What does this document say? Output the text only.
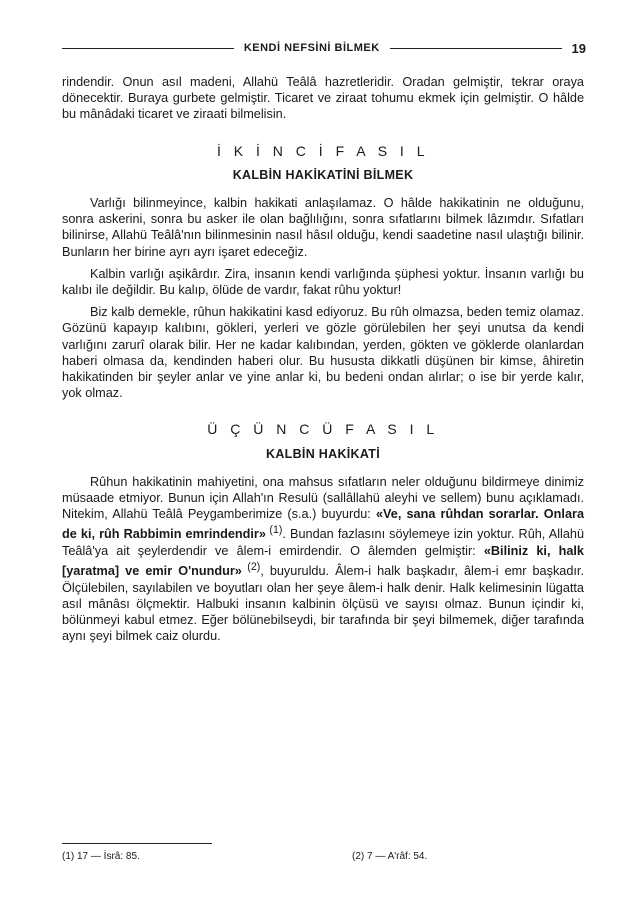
KENDİ NEFSİNİ BİLMEK	19

rindendir. Onun asıl madeni, Allahü Teâlâ hazretleridir. Oradan gelmiştir, tekrar oraya dönecektir. Buraya gurbete gelmiştir. Ticaret ve ziraat tohumu ekmek için gelmiştir. O hâlde bu mânâdaki ticaret ve ziraati bilmelisin.

İ K İ N C İ F A S I L
KALBİN HAKİKATİNİ BİLMEK

Varlığı bilinmeyince, kalbin hakikati anlaşılamaz. O hâlde hakikatinin ne olduğunu, sonra askerini, sonra bu asker ile olan bağlılığını, sonra sıfatlarını bilmek lâzımdır. Sıfatları bilinirse, Allahü Teâlâ'nın bilinmesinin nasıl hâsıl olduğu, kendi saadetine nasıl ulaştığı bilinir. Bunların her birine ayrı ayrı işaret edeceğiz.

Kalbin varlığı aşikârdır. Zira, insanın kendi varlığında şüphesi yoktur. İnsanın varlığı bu kalıbı ile değildir. Bu kalıp, ölüde de vardır, fakat rûhu yoktur!

Biz kalb demekle, rûhun hakikatini kasd ediyoruz. Bu rûh olmazsa, beden temiz olamaz. Gözünü kapayıp kalıbını, gökleri, yerleri ve gözle görülebilen her şeyi unutsa da kendi varlığını zarurî olarak bilir. Her ne kadar kalıbından, yerden, gökten ve göklerde olanlardan haberi olmasa da, kendinden haberi olur. Bu hususta dikkatli düşünen bir kimse, âhiretin hakikatinden bir şeyler anlar ve yine anlar ki, bu bedeni ondan alırlar; o ise bir yerde kalır, yok olmaz.

Ü Ç Ü N C Ü F A S I L
KALBİN HAKİKATİ

Rûhun hakikatinin mahiyetini, ona mahsus sıfatların neler olduğunu bildirmeye dinimiz müsaade etmiyor. Bunun için Allah'ın Resulü (sallâllahü aleyhi ve sellem) bunu açıklamadı. Nitekim, Allahü Teâlâ Peygamberimize (s.a.) buyurdu: «Ve, sana rûhdan sorarlar. Onlara de ki, rûh Rabbimin emrindendir» $^{(1)}$. Bundan fazlasını söylemeye izin yoktur. Rûh, Allahü Teâlâ'ya ait şeylerdendir ve âlem-i emirdendir. O âlemden gelmiştir: «Biliniz ki, halk [yaratma] ve emir O'nundur» $^{(2)}$, buyuruldu. Âlem-i halk başkadır, âlem-i emr başkadır. Ölçülebilen, sayılabilen ve boyutları olan her şeye âlem-i halk denir. Halk kelimesinin lügatta asıl mânâsı ölçmektir. Halbuki insanın kalbinin ölçüsü ve sayısı olmaz. Bunun içindir ki, bölünmeyi kabul etmez. Eğer bölünebilseydi, bir tarafında bir şeyi bilmemek, diğer tarafında aynı şeyi bilmek caiz olurdu.

(1) 17 — İsrâ: 85.	(2) 7 — A'râf: 54.
